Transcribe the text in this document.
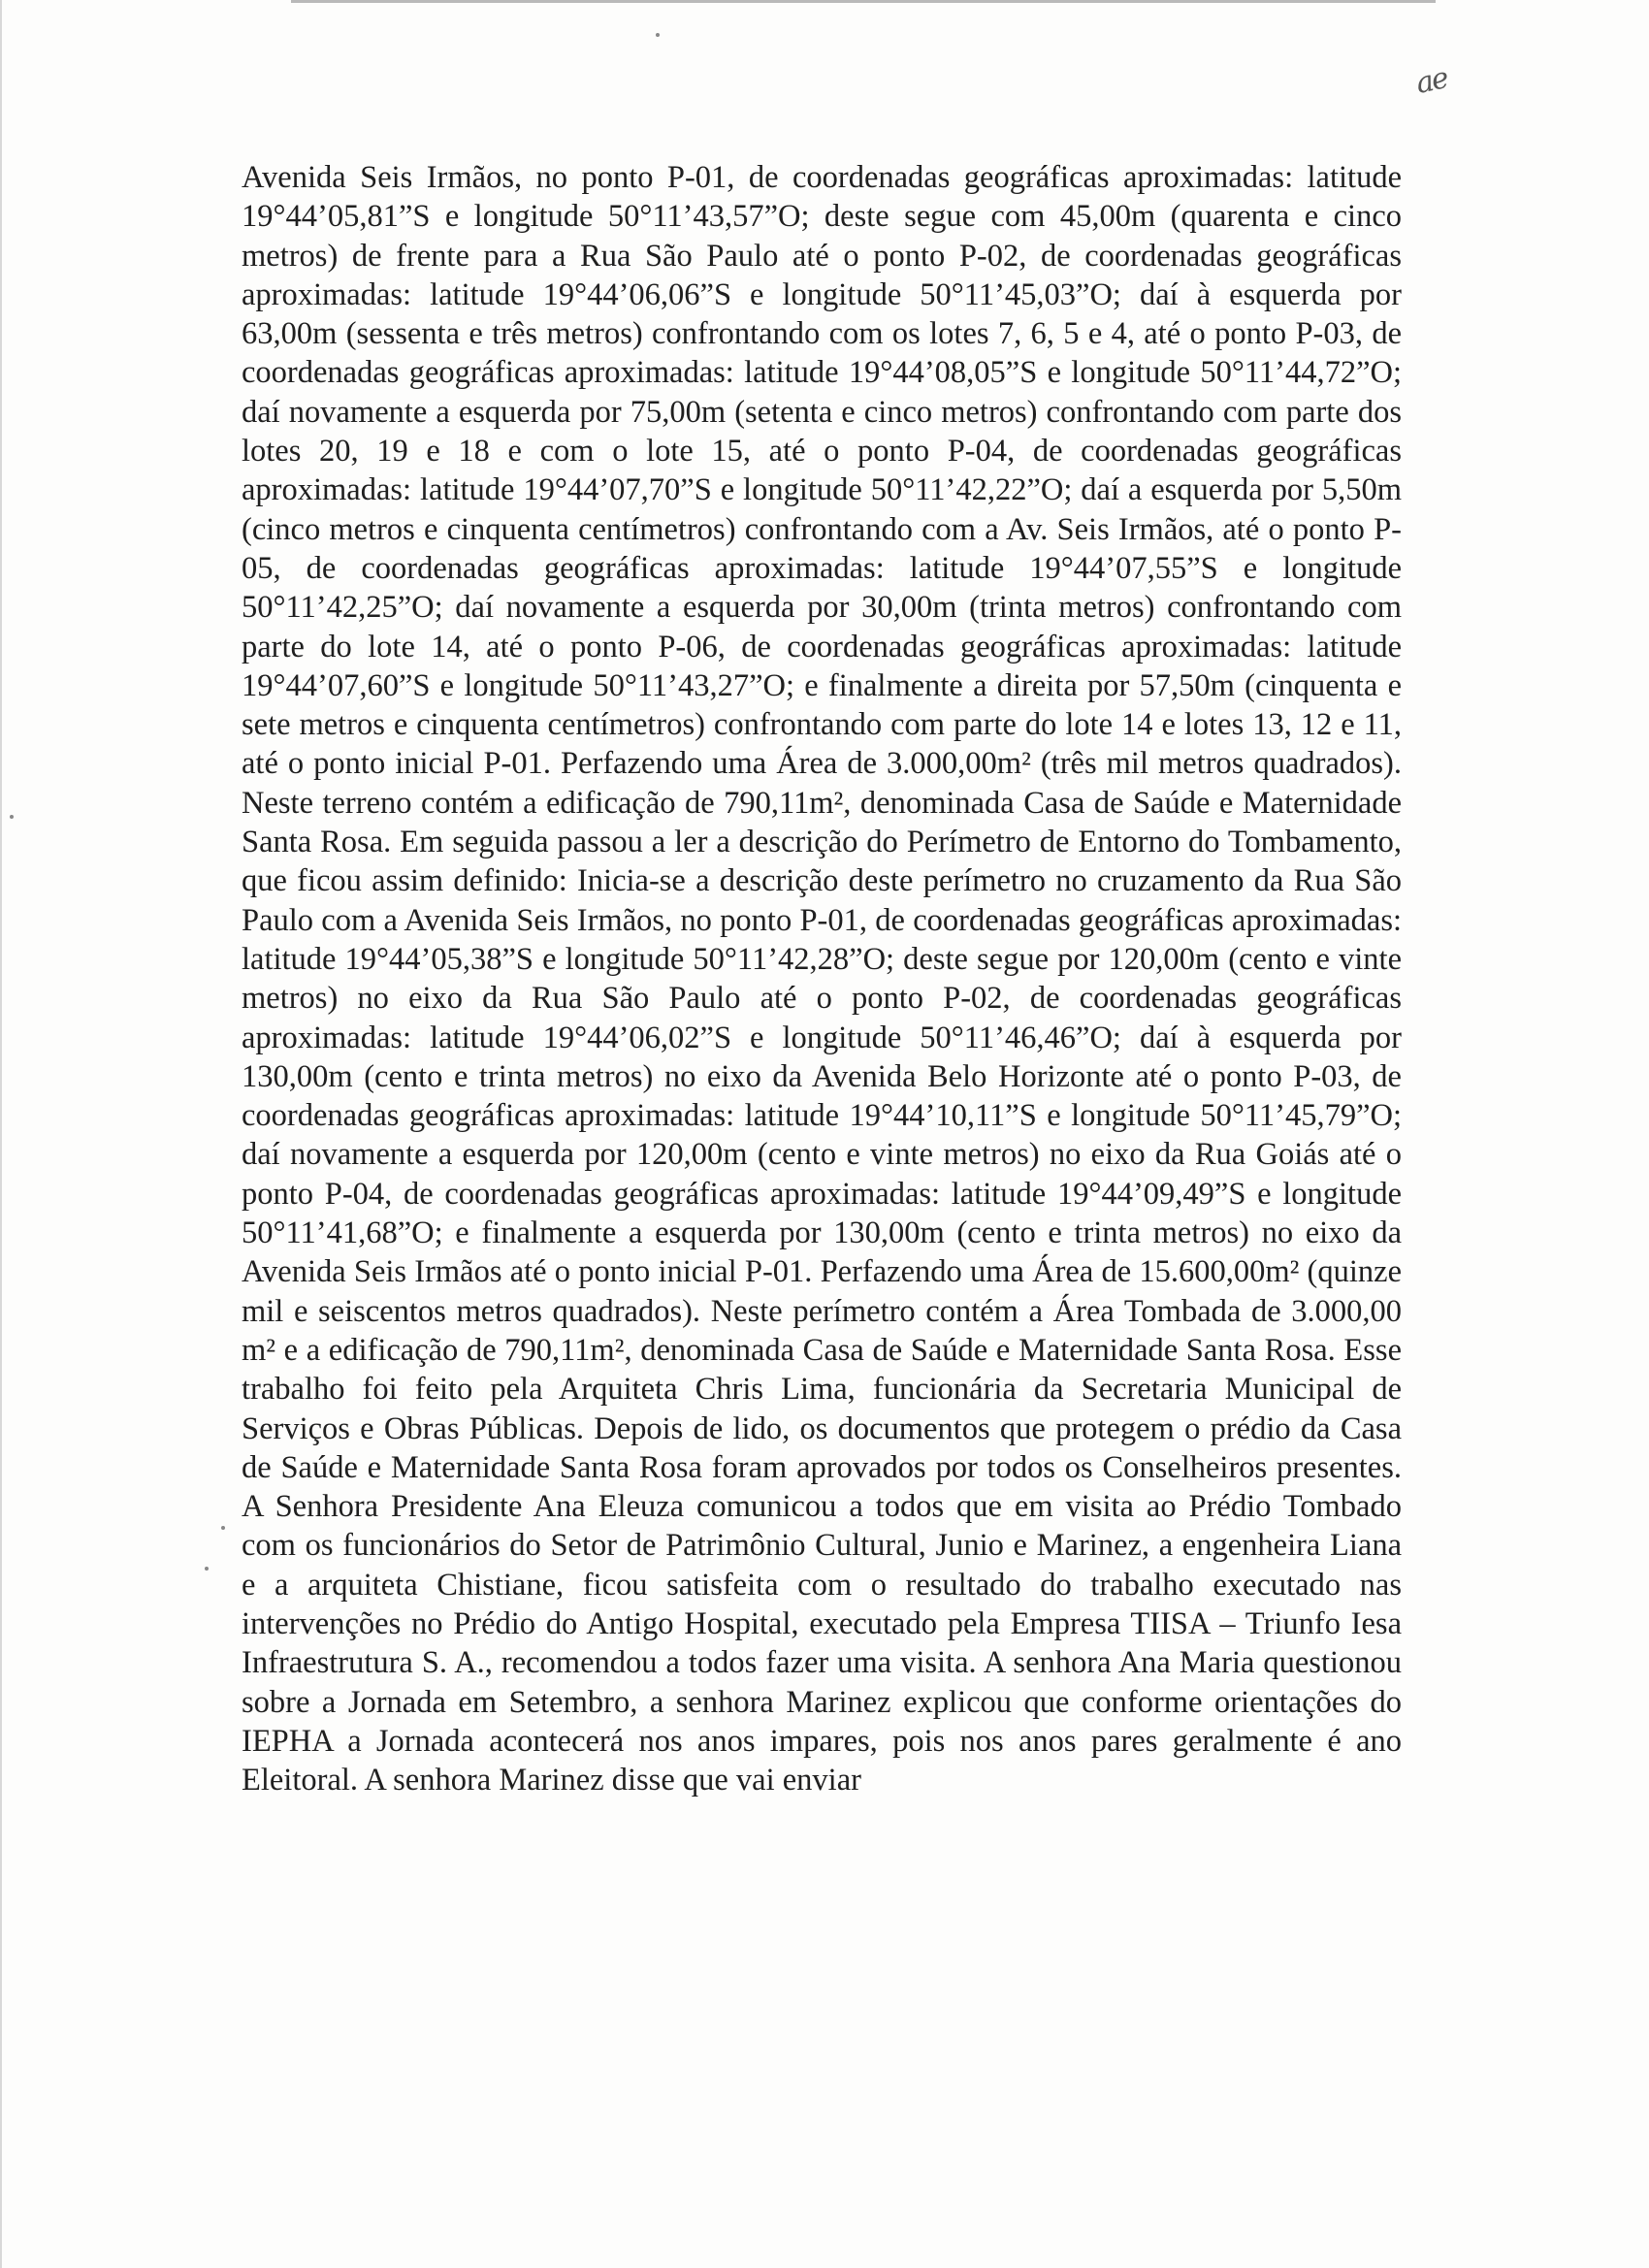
ae

Avenida Seis Irmãos, no ponto P-01, de coordenadas geográficas aproximadas: latitude 19°44’05,81”S e longitude 50°11’43,57”O; deste segue com 45,00m (quarenta e cinco metros) de frente para a Rua São Paulo até o ponto P-02, de coordenadas geográficas aproximadas: latitude 19°44’06,06”S e longitude 50°11’45,03”O; daí à esquerda por 63,00m (sessenta e três metros) confrontando com os lotes 7, 6, 5 e 4, até o ponto P-03, de coordenadas geográficas aproximadas: latitude 19°44’08,05”S e longitude 50°11’44,72”O; daí novamente a esquerda por 75,00m (setenta e cinco metros) confrontando com parte dos lotes 20, 19 e 18 e com o lote 15, até o ponto P-04, de coordenadas geográficas aproximadas: latitude 19°44’07,70”S e longitude 50°11’42,22”O; daí a esquerda por 5,50m (cinco metros e cinquenta centímetros) confrontando com a Av. Seis Irmãos, até o ponto P-05, de coordenadas geográficas aproximadas: latitude 19°44’07,55”S e longitude 50°11’42,25”O; daí novamente a esquerda por 30,00m (trinta metros) confrontando com parte do lote 14, até o ponto P-06, de coordenadas geográficas aproximadas: latitude 19°44’07,60”S e longitude 50°11’43,27”O; e finalmente a direita por 57,50m (cinquenta e sete metros e cinquenta centímetros) confrontando com parte do lote 14 e lotes 13, 12 e 11, até o ponto inicial P-01. Perfazendo uma Área de 3.000,00m² (três mil metros quadrados). Neste terreno contém a edificação de 790,11m², denominada Casa de Saúde e Maternidade Santa Rosa. Em seguida passou a ler a descrição do Perímetro de Entorno do Tombamento, que ficou assim definido: Inicia-se a descrição deste perímetro no cruzamento da Rua São Paulo com a Avenida Seis Irmãos, no ponto P-01, de coordenadas geográficas aproximadas: latitude 19°44’05,38”S e longitude 50°11’42,28”O; deste segue por 120,00m (cento e vinte metros) no eixo da Rua São Paulo até o ponto P-02, de coordenadas geográficas aproximadas: latitude 19°44’06,02”S e longitude 50°11’46,46”O; daí à esquerda por 130,00m (cento e trinta metros) no eixo da Avenida Belo Horizonte até o ponto P-03, de coordenadas geográficas aproximadas: latitude 19°44’10,11”S e longitude 50°11’45,79”O; daí novamente a esquerda por 120,00m (cento e vinte metros) no eixo da Rua Goiás até o ponto P-04, de coordenadas geográficas aproximadas: latitude 19°44’09,49”S e longitude 50°11’41,68”O; e finalmente a esquerda por 130,00m (cento e trinta metros) no eixo da Avenida Seis Irmãos até o ponto inicial P-01. Perfazendo uma Área de 15.600,00m² (quinze mil e seiscentos metros quadrados). Neste perímetro contém a Área Tombada de 3.000,00 m² e a edificação de 790,11m², denominada Casa de Saúde e Maternidade Santa Rosa. Esse trabalho foi feito pela Arquiteta Chris Lima, funcionária da Secretaria Municipal de Serviços e Obras Públicas. Depois de lido, os documentos que protegem o prédio da Casa de Saúde e Maternidade Santa Rosa foram aprovados por todos os Conselheiros presentes. A Senhora Presidente Ana Eleuza comunicou a todos que em visita ao Prédio Tombado com os funcionários do Setor de Patrimônio Cultural, Junio e Marinez, a engenheira Liana e a arquiteta Chistiane, ficou satisfeita com o resultado do trabalho executado nas intervenções no Prédio do Antigo Hospital, executado pela Empresa TIISA – Triunfo Iesa Infraestrutura S. A., recomendou a todos fazer uma visita. A senhora Ana Maria questionou sobre a Jornada em Setembro, a senhora Marinez explicou que conforme orientações do IEPHA a Jornada acontecerá nos anos impares, pois nos anos pares geralmente é ano Eleitoral. A senhora Marinez disse que vai enviar
